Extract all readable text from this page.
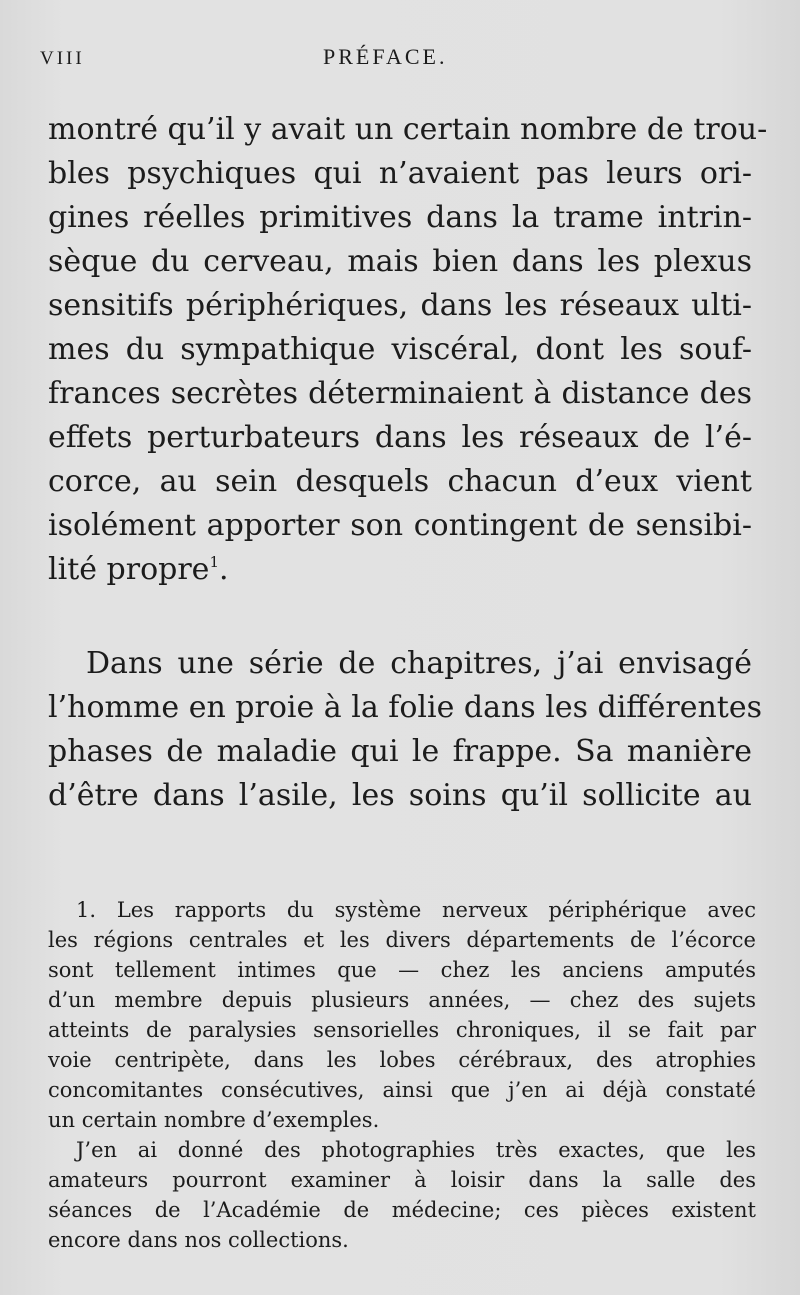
VIII	PRÉFACE.
montré qu’il y avait un certain nombre de trou-
bles psychiques qui n’avaient pas leurs ori-
gines réelles primitives dans la trame intrin-
sèque du cerveau, mais bien dans les plexus
sensitifs périphériques, dans les réseaux ulti-
mes du sympathique viscéral, dont les souf-
frances secrètes déterminaient à distance des
effets perturbateurs dans les réseaux de l’é-
corce, au sein desquels chacun d’eux vient
isolément apporter son contingent de sensibi-
lité propre$^1$.
Dans une série de chapitres, j’ai envisagé
l’homme en proie à la folie dans les différentes
phases de maladie qui le frappe. Sa manière
d’être dans l’asile, les soins qu’il sollicite au
1. Les rapports du système nerveux périphérique avec
les régions centrales et les divers départements de l’écorce
sont tellement intimes que — chez les anciens amputés
d’un membre depuis plusieurs années, — chez des sujets
atteints de paralysies sensorielles chroniques, il se fait par
voie centripète, dans les lobes cérébraux, des atrophies
concomitantes consécutives, ainsi que j’en ai déjà constaté
un certain nombre d’exemples.
J’en ai donné des photographies très exactes, que les
amateurs pourront examiner à loisir dans la salle des
séances de l’Académie de médecine; ces pièces existent
encore dans nos collections.
